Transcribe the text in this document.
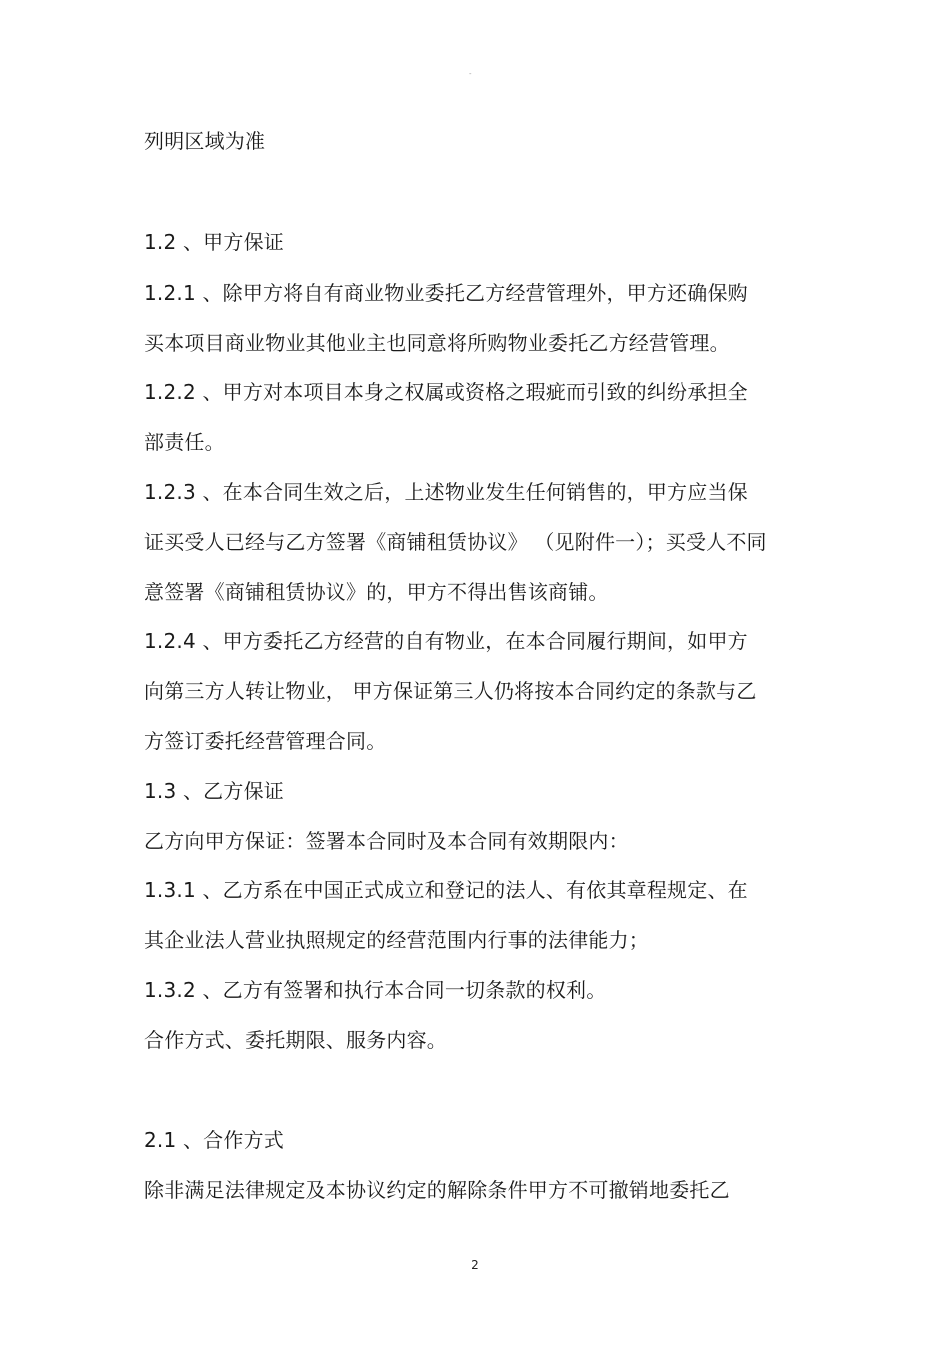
-
列明区域为准
1.2 、甲方保证
1.2.1 、除甲方将自有商业物业委托乙方经营管理外，甲方还确保购
买本项目商业物业其他业主也同意将所购物业委托乙方经营管理。
1.2.2 、甲方对本项目本身之权属或资格之瑕疵而引致的纠纷承担全
部责任。
1.2.3 、在本合同生效之后，上述物业发生任何销售的，甲方应当保
证买受人已经与乙方签署《商铺租赁协议》 （见附件一）；买受人不同
意签署《商铺租赁协议》的，甲方不得出售该商铺。
1.2.4 、甲方委托乙方经营的自有物业，在本合同履行期间，如甲方
向第三方人转让物业， 甲方保证第三人仍将按本合同约定的条款与乙
方签订委托经营管理合同。
1.3 、乙方保证
乙方向甲方保证：签署本合同时及本合同有效期限内：
1.3.1 、乙方系在中国正式成立和登记的法人、有依其章程规定、在
其企业法人营业执照规定的经营范围内行事的法律能力；
1.3.2 、乙方有签署和执行本合同一切条款的权利。
合作方式、委托期限、服务内容。
2.1 、合作方式
除非满足法律规定及本协议约定的解除条件甲方不可撤销地委托乙
2
